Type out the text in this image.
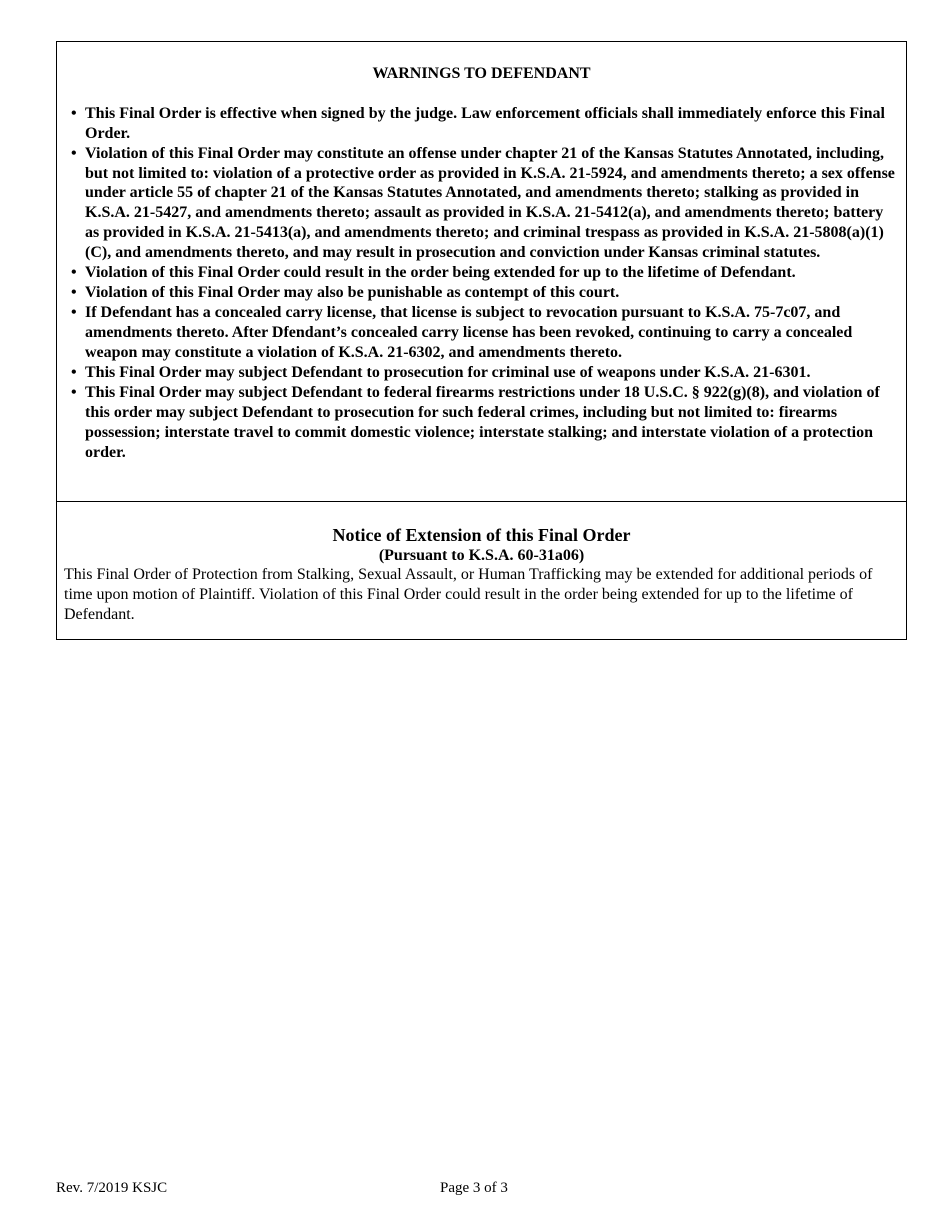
WARNINGS TO DEFENDANT
• This Final Order is effective when signed by the judge. Law enforcement officials shall immediately enforce this Final Order.
• Violation of this Final Order may constitute an offense under chapter 21 of the Kansas Statutes Annotated, including, but not limited to: violation of a protective order as provided in K.S.A. 21-5924, and amendments thereto; a sex offense under article 55 of chapter 21 of the Kansas Statutes Annotated, and amendments thereto; stalking as provided in K.S.A. 21-5427, and amendments thereto; assault as provided in K.S.A. 21-5412(a), and amendments thereto; battery as provided in K.S.A. 21-5413(a), and amendments thereto; and criminal trespass as provided in K.S.A. 21-5808(a)(1)(C), and amendments thereto, and may result in prosecution and conviction under Kansas criminal statutes.
• Violation of this Final Order could result in the order being extended for up to the lifetime of Defendant.
• Violation of this Final Order may also be punishable as contempt of this court.
• If Defendant has a concealed carry license, that license is subject to revocation pursuant to K.S.A. 75-7c07, and amendments thereto. After Dfendant’s concealed carry license has been revoked, continuing to carry a concealed weapon may constitute a violation of K.S.A. 21-6302, and amendments thereto.
• This Final Order may subject Defendant to prosecution for criminal use of weapons under K.S.A. 21-6301.
• This Final Order may subject Defendant to federal firearms restrictions under 18 U.S.C. § 922(g)(8), and violation of this order may subject Defendant to prosecution for such federal crimes, including but not limited to: firearms possession; interstate travel to commit domestic violence; interstate stalking; and interstate violation of a protection order.
Notice of Extension of this Final Order
(Pursuant to K.S.A. 60-31a06)
This Final Order of Protection from Stalking, Sexual Assault, or Human Trafficking may be extended for additional periods of time upon motion of Plaintiff. Violation of this Final Order could result in the order being extended for up to the lifetime of Defendant.
Rev. 7/2019 KSJC	Page 3 of 3
